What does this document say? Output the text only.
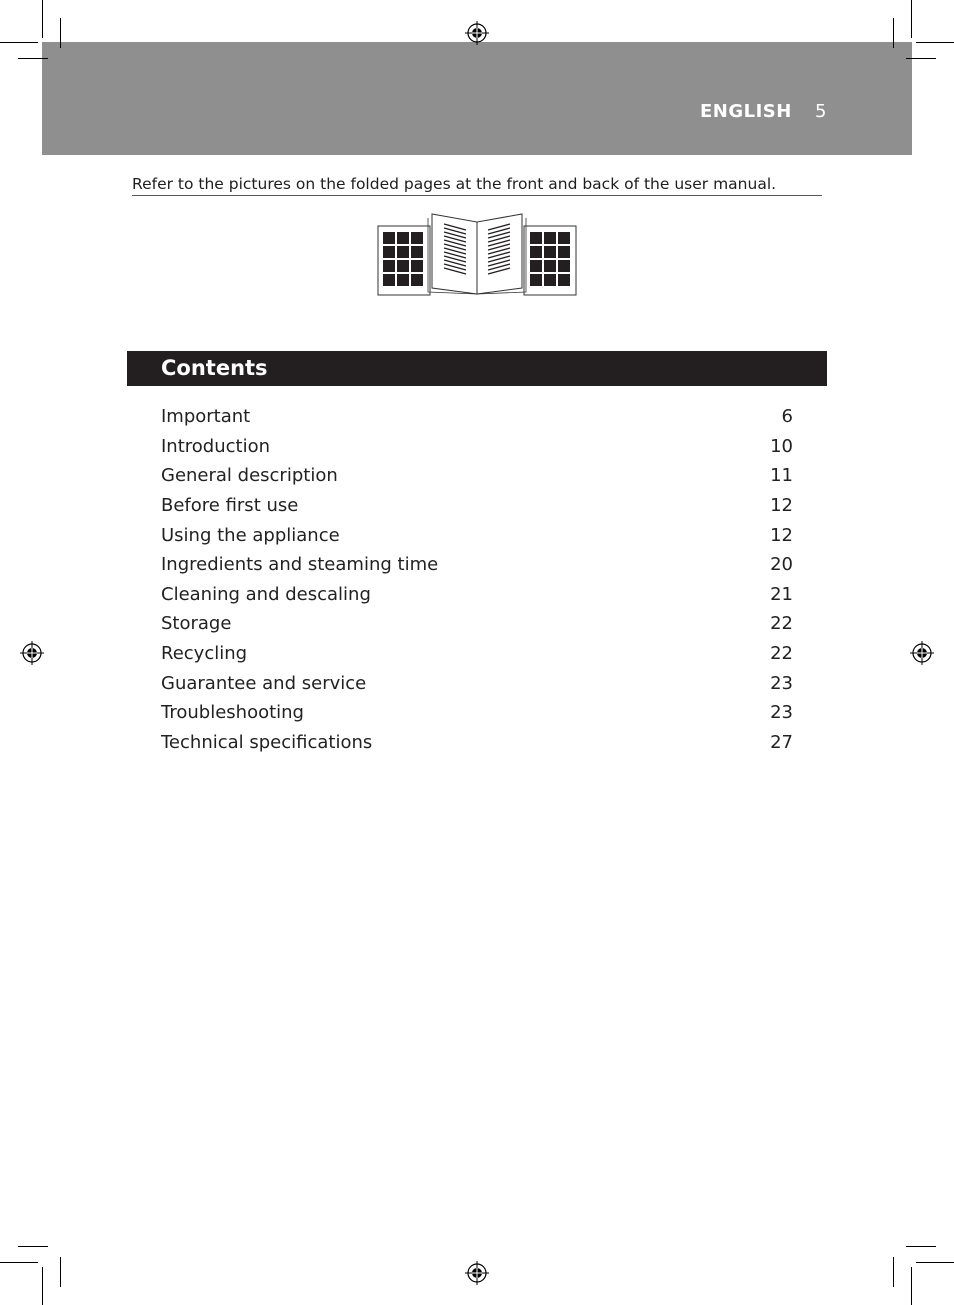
ENGLISH 5
Refer to the pictures on the folded pages at the front and back of the user manual.
Contents
Important	6
Introduction	10
General description	11
Before first use	12
Using the appliance	12
Ingredients and steaming time	20
Cleaning and descaling	21
Storage	22
Recycling	22
Guarantee and service	23
Troubleshooting	23
Technical specifications	27
